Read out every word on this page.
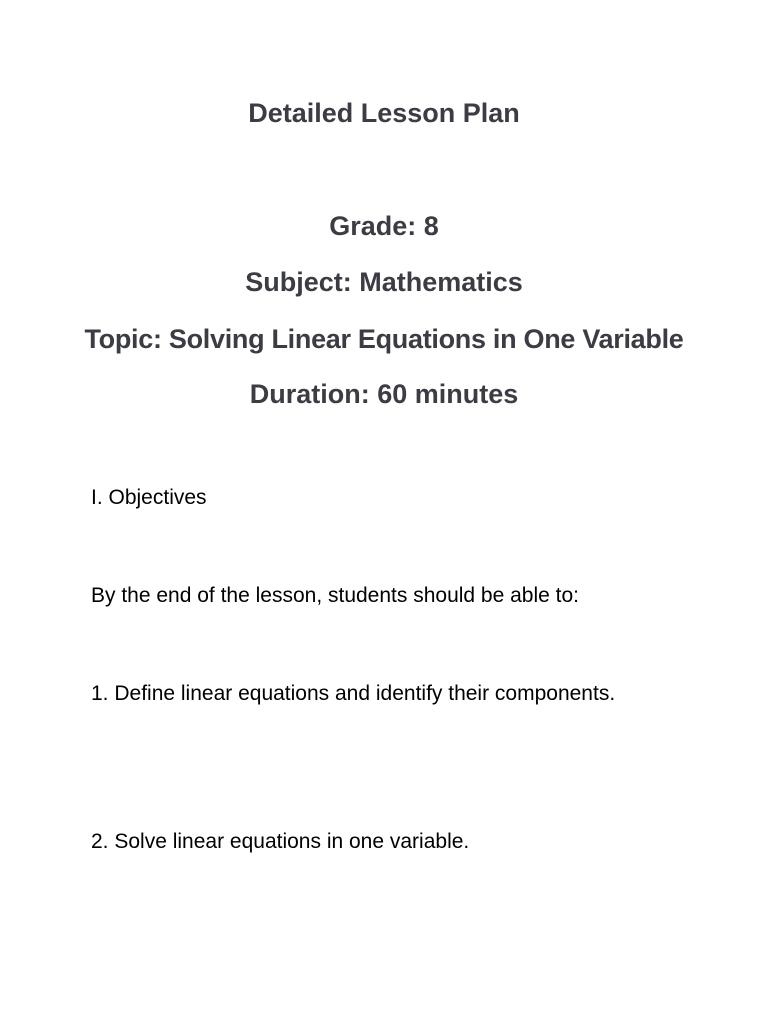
Detailed Lesson Plan
Grade: 8
Subject: Mathematics
Topic: Solving Linear Equations in One Variable
Duration: 60 minutes
I. Objectives
By the end of the lesson, students should be able to:
1. Define linear equations and identify their components.
2. Solve linear equations in one variable.
